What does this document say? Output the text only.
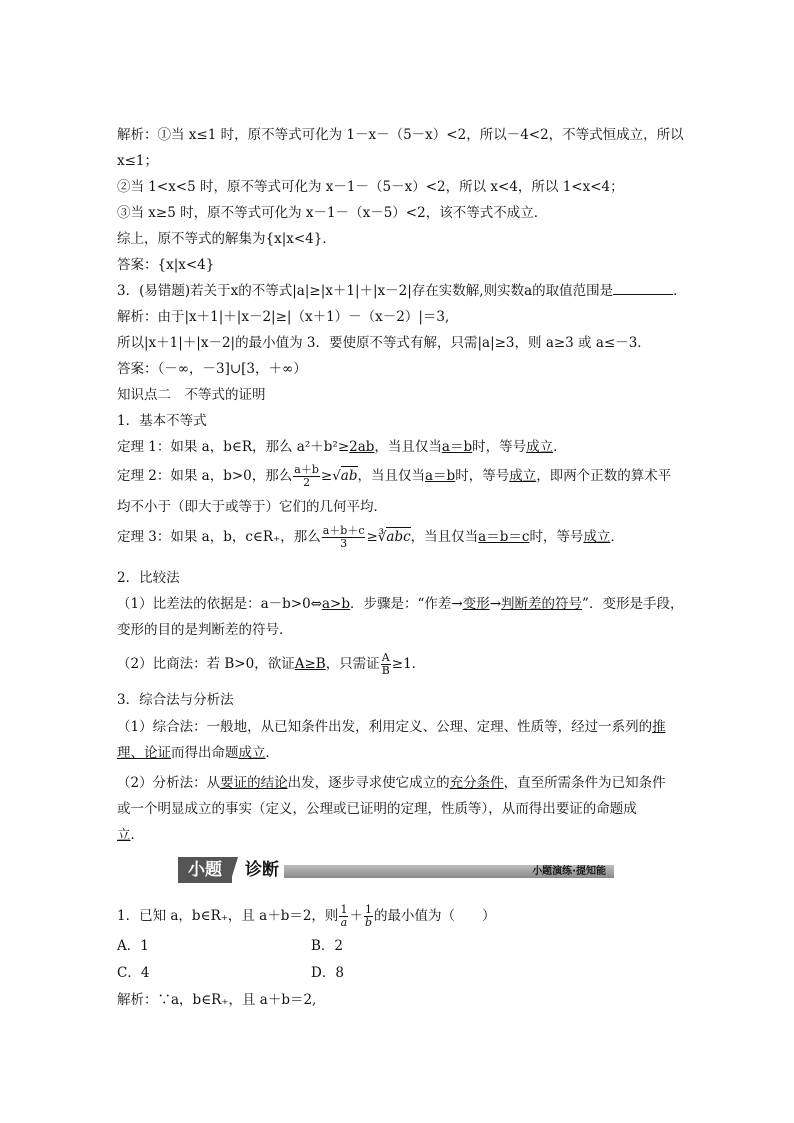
解析：①当 x≤1 时，原不等式可化为 1－x－（5－x）<2，所以－4<2，不等式恒成立，所以
x≤1；
②当 1<x<5 时，原不等式可化为 x－1－（5－x）<2，所以 x<4，所以 1<x<4；
③当 x≥5 时，原不等式可化为 x－1－（x－5）<2，该不等式不成立．
综上，原不等式的解集为{x|x<4}．
答案：{x|x<4}
3．(易错题)若关于x的不等式|a|≥|x＋1|＋|x－2|存在实数解,则实数a的取值范围是	．
解析：由于|x＋1|＋|x－2|≥|（x＋1）－（x－2）|＝3,
所以|x＋1|＋|x－2|的最小值为 3．要使原不等式有解，只需|a|≥3，则 a≥3 或 a≤－3．
答案：（－∞，－3]∪[3，＋∞）
知识点二　不等式的证明
1．基本不等式
定理 1：如果 a，b∈R，那么 a²＋b²≥2ab，当且仅当a＝b时，等号成立．
定理 2：如果 a，b>0，那么 $\frac{a+b}{2} \ge√ab$，当且仅当a＝b时，等号成立，即两个正数的算术平
均不小于（即大于或等于）它们的几何平均．
定理 3：如果 a，b，c∈R₊，那么 $\frac{a+b+c}{3}$ ≥∛abc，当且仅当a＝b＝c时，等号成立．
2．比较法
（1）比差法的依据是：a－b>0⇔a>b．步骤是：“作差→变形→判断差的符号”．变形是手段，
变形的目的是判断差的符号．
（2）比商法：若 B>0，欲证A≥B，只需证 $\frac{A}{B} \ge 1$．
3．综合法与分析法
（1）综合法：一般地，从已知条件出发，利用定义、公理、定理、性质等，经过一系列的推
理、论证而得出命题成立．
（2）分析法：从要证的结论出发，逐步寻求使它成立的充分条件，直至所需条件为已知条件
或一个明显成立的事实（定义，公理或已证明的定理，性质等），从而得出要证的命题成
立．
小题	诊断	小题演练·提知能
1．已知 a，b∈R₊，且 a＋b＝2，则 $\frac{1}{a} + \frac{1}{b}$ 的最小值为（　　）
A．1	B．2
C．4	D．8
解析：∵a，b∈R₊，且 a＋b＝2,
